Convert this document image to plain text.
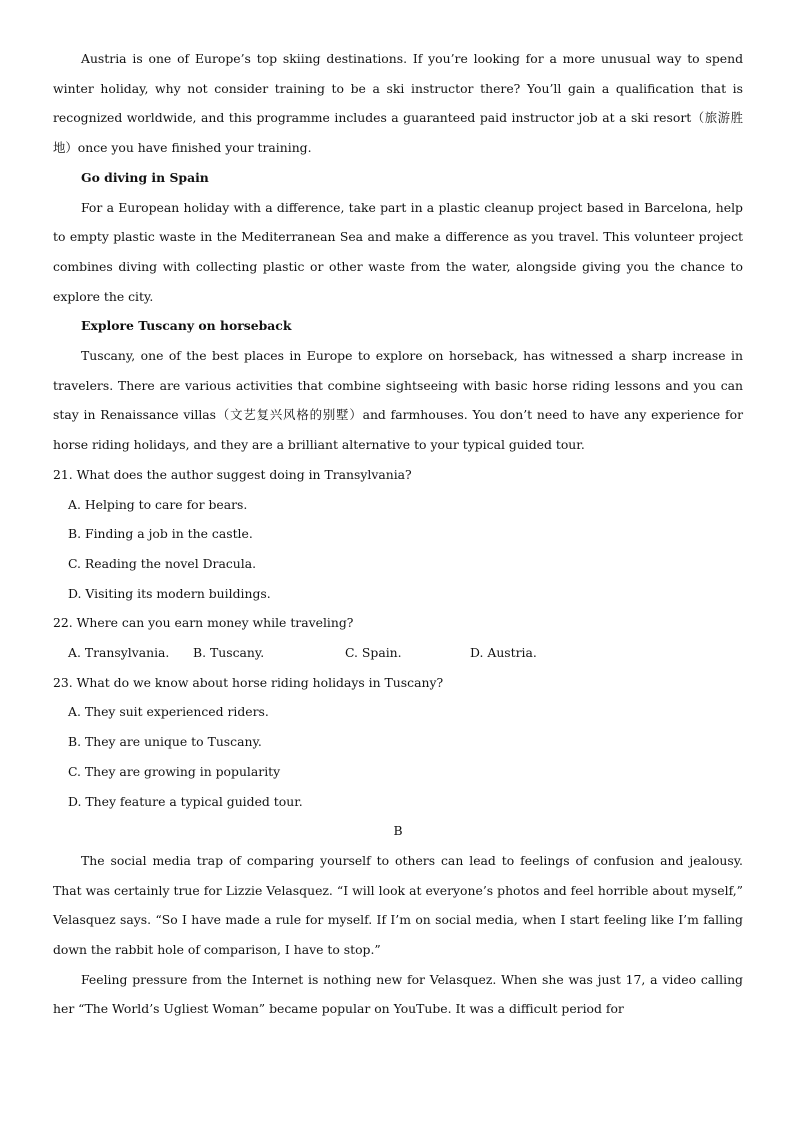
Austria is one of Europe’s top skiing destinations. If you’re looking for a more unusual way to spend winter holiday, why not consider training to be a ski instructor there? You’ll gain a qualification that is recognized worldwide, and this programme includes a guaranteed paid instructor job at a ski resort（旅游胜地）once you have finished your training.

Go diving in Spain

For a European holiday with a difference, take part in a plastic cleanup project based in Barcelona, help to empty plastic waste in the Mediterranean Sea and make a difference as you travel. This volunteer project combines diving with collecting plastic or other waste from the water, alongside giving you the chance to explore the city.

Explore Tuscany on horseback

Tuscany, one of the best places in Europe to explore on horseback, has witnessed a sharp increase in travelers. There are various activities that combine sightseeing with basic horse riding lessons and you can stay in Renaissance villas（文艺复兴风格的别墅）and farmhouses. You don’t need to have any experience for horse riding holidays, and they are a brilliant alternative to your typical guided tour.

21. What does the author suggest doing in Transylvania?

A. Helping to care for bears.

B. Finding a job in the castle.

C. Reading the novel Dracula.

D. Visiting its modern buildings.

22. Where can you earn money while traveling?

A. Transylvania. B. Tuscany.	C. Spain.	D. Austria.

23. What do we know about horse riding holidays in Tuscany?

A. They suit experienced riders.

B. They are unique to Tuscany.

C. They are growing in popularity

D. They feature a typical guided tour.

B

The social media trap of comparing yourself to others can lead to feelings of confusion and jealousy. That was certainly true for Lizzie Velasquez. “I will look at everyone’s photos and feel horrible about myself,” Velasquez says. “So I have made a rule for myself. If I’m on social media, when I start feeling like I’m falling down the rabbit hole of comparison, I have to stop.”

Feeling pressure from the Internet is nothing new for Velasquez. When she was just 17, a video calling her “The World’s Ugliest Woman” became popular on YouTube. It was a difficult period for
